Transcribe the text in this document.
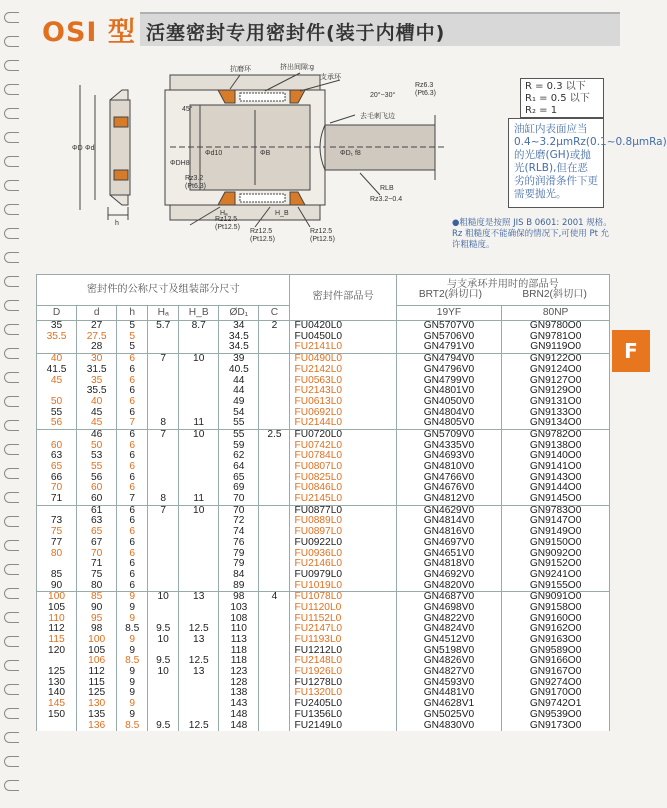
OSI 型 活塞密封专用密封件(装于内槽中)
抗磨环	挤出间隙:g
支承环
去毛刺飞边
45°
20°~30°
Rz6.3
(Pt6.3)
Rz3.2
(Pt6.3)
Rz12.5
(Pt12.5)
Rz12.5
(Pt12.5)
Rz12.5
(Pt12.5)
RLB
Rz3.2~0.4
ΦD Φd
h
ΦDH8
Φd10	ΦB	ΦD₁ f8
Hₐ	H_B
R = 0.3 以下
R₁ = 0.5 以下
R₂ = 1
油缸内表面应当0.4~3.2μmRz(0.1~0.8μmRa)的光磨(GH)或抛光(RLB),但在恶劣的润滑条件下更需要抛光。
●粗糙度是按照 JIS B 0601: 2001 规格。Rz 粗糙度不能确保的情况下,可使用 Pt 允许粗糙度。
F
密封件的公称尺寸及组装部分尺寸							密封件部品号	与支承环并用时的部品号
BRT2(斜切口) BRN2(斜切口)	

D	d	h	Hₐ	H_B	ØD₁	C		19YF	80NP
35	27	5	5.7	8.7	34	2	FU0420L0	GN5707V0	GN9780O0
35.5	27.5	5			34.5		FU0450L0	GN5706V0	GN9781O0
	28	5			34.5		FU2141L0	GN4791V0	GN9119O0
40	30	6	7	10	39		FU0490L0	GN4794V0	GN9122O0
41.5	31.5	6			40.5		FU2142L0	GN4796V0	GN9124O0
45	35	6			44		FU0563L0	GN4799V0	GN9127O0
	35.5	6			44		FU2143L0	GN4801V0	GN9129O0
50	40	6			49		FU0613L0	GN4050V0	GN9131O0
55	45	6			54		FU0692L0	GN4804V0	GN9133O0
56	45	7	8	11	55		FU2144L0	GN4805V0	GN9134O0
	46	6	7	10	55	2.5	FU0720L0	GN5709V0	GN9782O0
60	50	6			59		FU0742L0	GN4335V0	GN9138O0
63	53	6			62		FU0784L0	GN4693V0	GN9140O0
65	55	6			64		FU0807L0	GN4810V0	GN9141O0
66	56	6			65		FU0825L0	GN4766V0	GN9143O0
70	60	6			69		FU0846L0	GN4676V0	GN9144O0
71	60	7	8	11	70		FU2145L0	GN4812V0	GN9145O0
	61	6	7	10	70		FU0877L0	GN4629V0	GN9783O0
73	63	6			72		FU0889L0	GN4814V0	GN9147O0
75	65	6			74		FU0897L0	GN4816V0	GN9149O0
77	67	6			76		FU0922L0	GN4697V0	GN9150O0
80	70	6			79		FU0936L0	GN4651V0	GN9092O0
	71	6			79		FU2146L0	GN4818V0	GN9152O0
85	75	6			84		FU0979L0	GN4692V0	GN9241O0
90	80	6			89		FU1019L0	GN4820V0	GN9155O0
100	85	9	10	13	98	4	FU1078L0	GN4687V0	GN9091O0
105	90	9			103		FU1120L0	GN4698V0	GN9158O0
110	95	9			108		FU1152L0	GN4822V0	GN9160O0
112	98	8.5	9.5	12.5	110		FU2147L0	GN4824V0	GN9162O0
115	100	9	10	13	113		FU1193L0	GN4512V0	GN9163O0
120	105	9			118		FU1212L0	GN5198V0	GN9589O0
	106	8.5	9.5	12.5	118		FU2148L0	GN4826V0	GN9166O0
125	112	9	10	13	123		FU1926L0	GN4827V0	GN9167O0
130	115	9			128		FU1278L0	GN4593V0	GN9274O0
140	125	9			138		FU1320L0	GN4481V0	GN9170O0
145	130	9			143		FU2405L0	GN4628V1	GN9742O1
150	135	9			148		FU1356L0	GN5025V0	GN9539O0
	136	8.5	9.5	12.5	148		FU2149L0	GN4830V0	GN9173O0
